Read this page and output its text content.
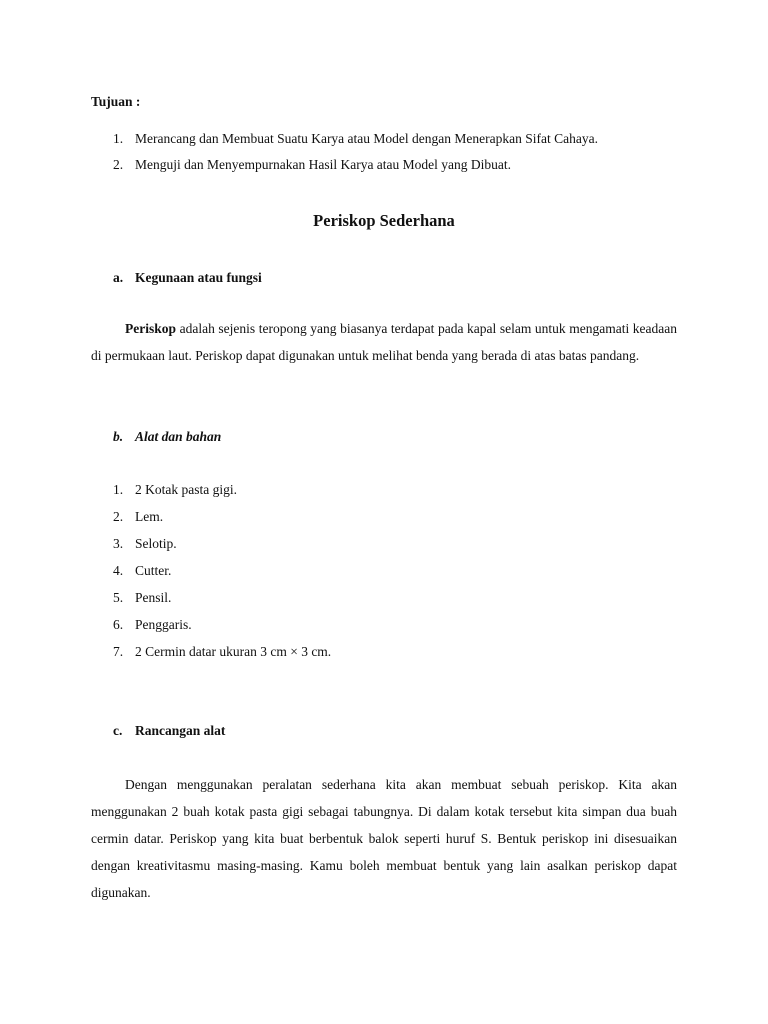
Tujuan :
1. Merancang dan Membuat Suatu Karya atau Model dengan Menerapkan Sifat Cahaya.
2. Menguji dan Menyempurnakan Hasil Karya atau Model yang Dibuat.
Periskop Sederhana
a. Kegunaan atau fungsi
Periskop adalah sejenis teropong yang biasanya terdapat pada kapal selam untuk mengamati keadaan di permukaan laut. Periskop dapat digunakan untuk melihat benda yang berada di atas batas pandang.
b. Alat dan bahan
1. 2 Kotak pasta gigi.
2. Lem.
3. Selotip.
4. Cutter.
5. Pensil.
6. Penggaris.
7. 2 Cermin datar ukuran 3 cm × 3 cm.
c. Rancangan alat
Dengan menggunakan peralatan sederhana kita akan membuat sebuah periskop. Kita akan menggunakan 2 buah kotak pasta gigi sebagai tabungnya. Di dalam kotak tersebut kita simpan dua buah cermin datar. Periskop yang kita buat berbentuk balok seperti huruf S. Bentuk periskop ini disesuaikan dengan kreativitasmu masing-masing. Kamu boleh membuat bentuk yang lain asalkan periskop dapat digunakan.
